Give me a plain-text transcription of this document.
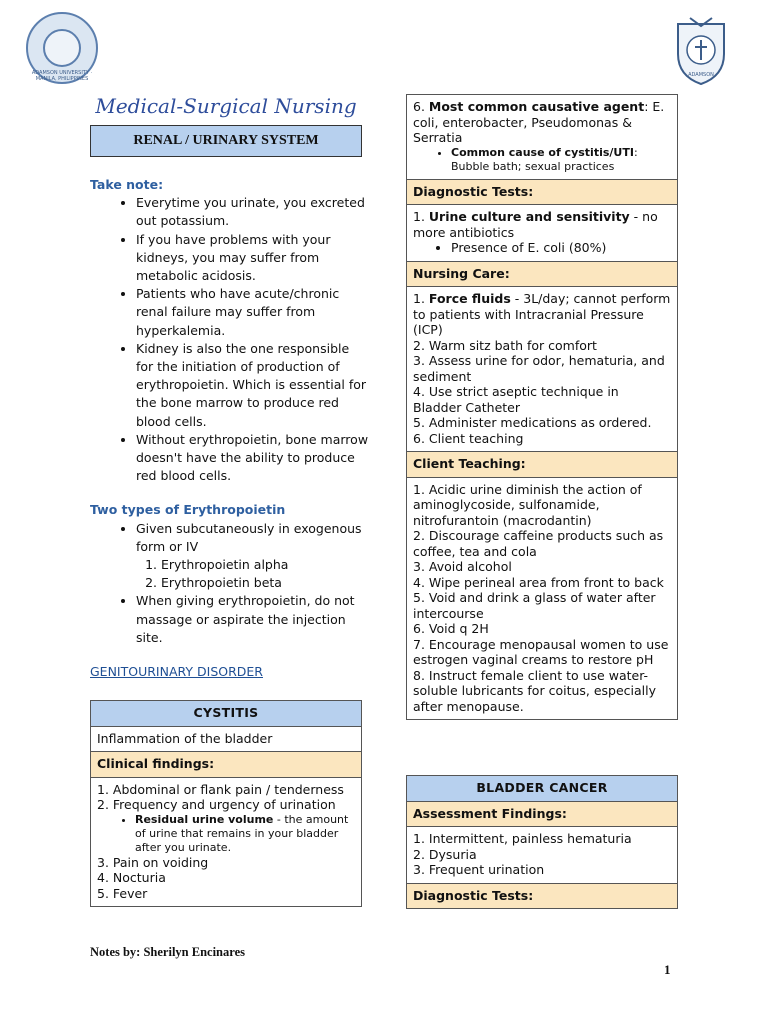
ADAMSON UNIVERSITY · MANILA, PHILIPPINES
ADAMSON
Medical-Surgical Nursing
RENAL / URINARY SYSTEM
Take note:
• Everytime you urinate, you excreted out potassium.
• If you have problems with your kidneys, you may suffer from metabolic acidosis.
• Patients who have acute/chronic renal failure may suffer from hyperkalemia.
• Kidney is also the one responsible for the initiation of production of erythropoietin. Which is essential for the bone marrow to produce red blood cells.
• Without erythropoietin, bone marrow doesn't have the ability to produce red blood cells.
Two types of Erythropoietin
• Given subcutaneously in exogenous form or IV
1. Erythropoietin alpha
2. Erythropoietin beta
• When giving erythropoietin, do not massage or aspirate the injection site.
GENITOURINARY DISORDER
CYSTITIS
Inflammation of the bladder
Clinical findings:

1. Abdominal or flank pain / tenderness
2. Frequency and urgency of urination
• Residual urine volume - the amount of urine that remains in your bladder after you urinate.
3. Pain on voiding
4. Nocturia
5. Fever
6. Most common causative agent: E. coli, enterobacter, Pseudomonas & Serratia
• Common cause of cystitis/UTI: Bubble bath; sexual practices

Diagnostic Tests:

1. Urine culture and sensitivity - no more antibiotics
• Presence of E. coli (80%)

Nursing Care:

1. Force fluids - 3L/day; cannot perform to patients with Intracranial Pressure (ICP)
2. Warm sitz bath for comfort
3. Assess urine for odor, hematuria, and sediment
4. Use strict aseptic technique in Bladder Catheter
5. Administer medications as ordered.
6. Client teaching

Client Teaching:

1. Acidic urine diminish the action of aminoglycoside, sulfonamide, nitrofurantoin (macrodantin)
2. Discourage caffeine products such as coffee, tea and cola
3. Avoid alcohol
4. Wipe perineal area from front to back
5. Void and drink a glass of water after intercourse
6. Void q 2H
7. Encourage menopausal women to use estrogen vaginal creams to restore pH
8. Instruct female client to use water-soluble lubricants for coitus, especially after menopause.
BLADDER CANCER
Assessment Findings:

1. Intermittent, painless hematuria
2. Dysuria
3. Frequent urination

Diagnostic Tests:
Notes by: Sherilyn Encinares
1
